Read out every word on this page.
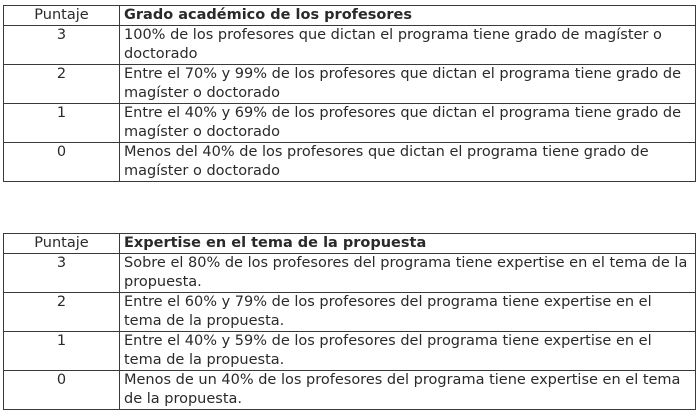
Puntaje	Grado académico de los profesores
3	100% de los profesores que dictan el programa tiene grado de magíster o doctorado
2	Entre el 70% y 99% de los profesores que dictan el programa tiene grado de magíster o doctorado
1	Entre el 40% y 69% de los profesores que dictan el programa tiene grado de magíster o doctorado
0	Menos del 40% de los profesores que dictan el programa tiene grado de magíster o doctorado
Puntaje	Expertise en el tema de la propuesta
3	Sobre el 80% de los profesores del programa tiene expertise en el tema de la propuesta.
2	Entre el 60% y 79% de los profesores del programa tiene expertise en el tema de la propuesta.
1	Entre el 40% y 59% de los profesores del programa tiene expertise en el tema de la propuesta.
0	Menos de un 40% de los profesores del programa tiene expertise en el tema de la propuesta.
